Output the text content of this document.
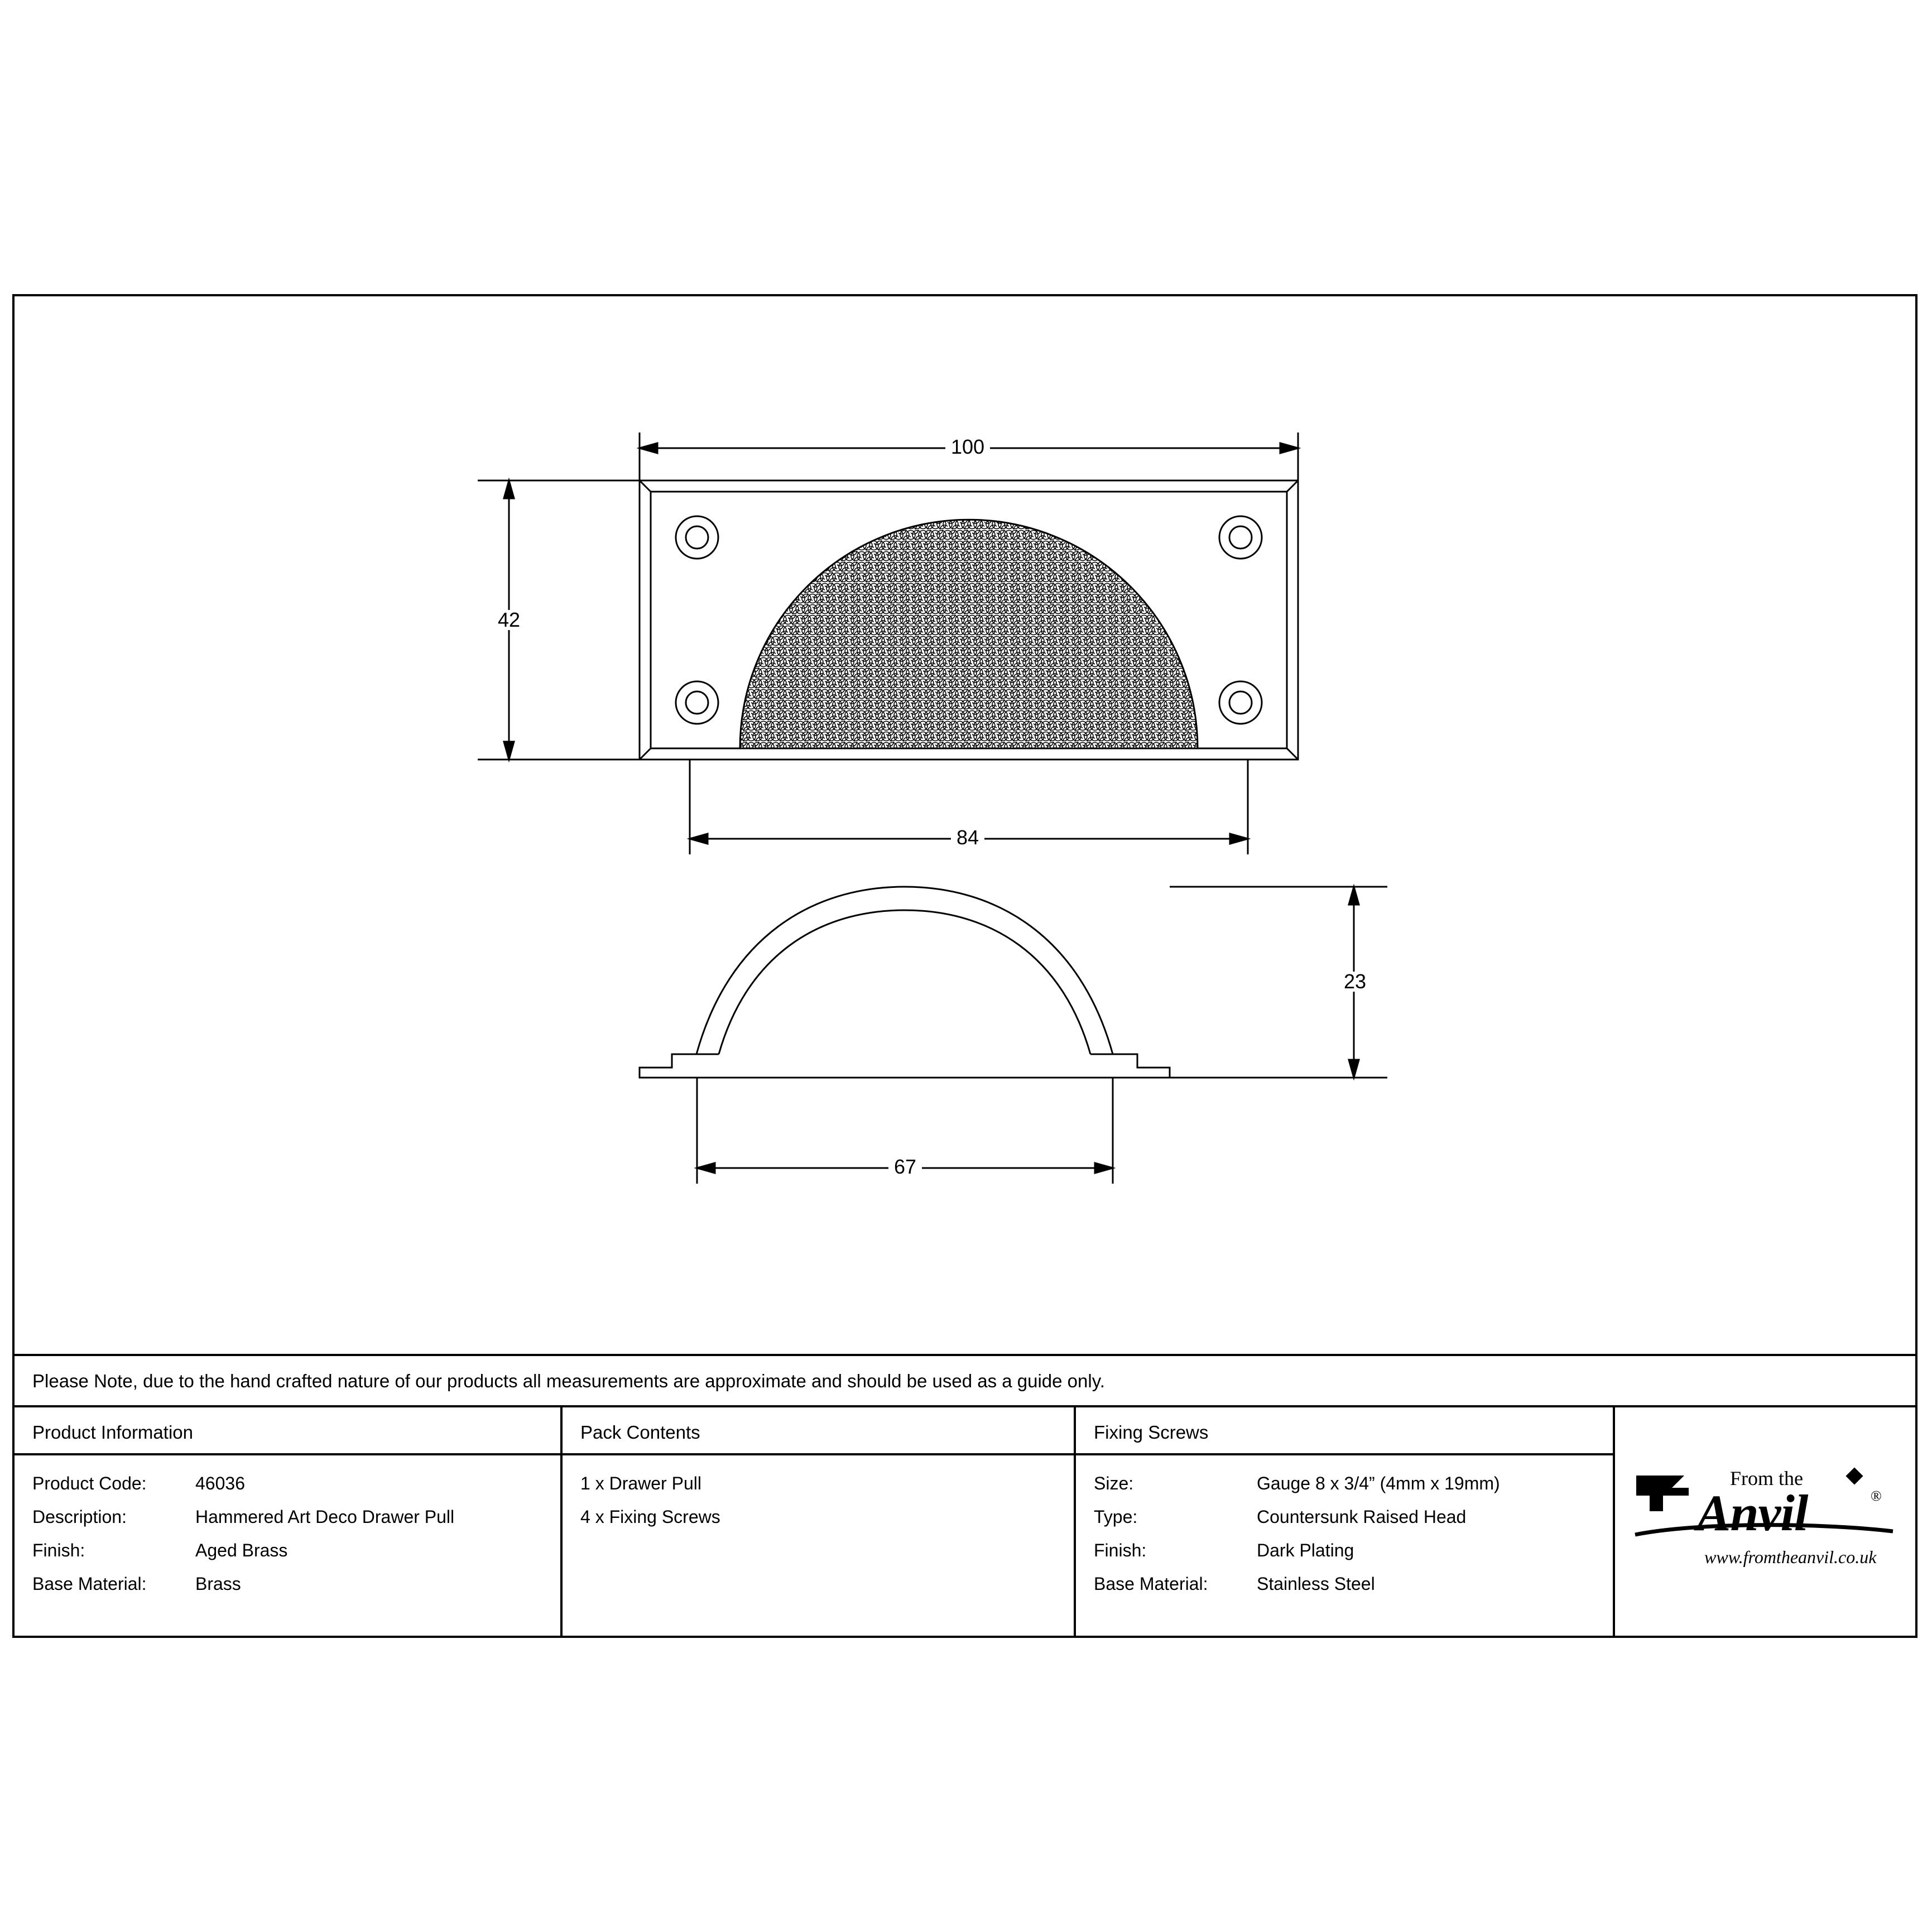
100
42
84
23
67
Please Note, due to the hand crafted nature of our products all measurements are approximate and should be used as a guide only.
Product Information
Product Code:	46036
Description:	Hammered Art Deco Drawer Pull
Finish:	Aged Brass
Base Material:	Brass
Pack Contents
1 x Drawer Pull
4 x Fixing Screws
Fixing Screws
Size:	Gauge 8 x 3/4” (4mm x 19mm)
Type:	Countersunk Raised Head
Finish:	Dark Plating
Base Material:	Stainless Steel
From the
Anvil	®
www.fromtheanvil.co.uk
